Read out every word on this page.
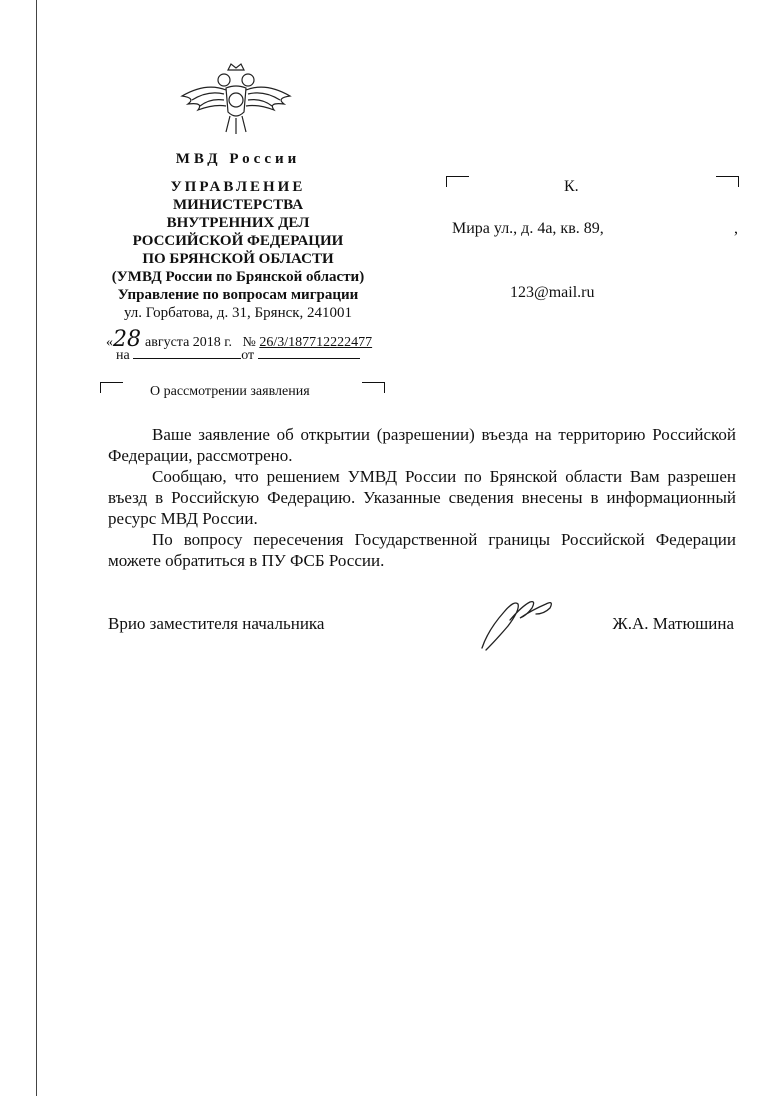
МВД России
УПРАВЛЕНИЕ
МИНИСТЕРСТВА
ВНУТРЕННИХ ДЕЛ
РОССИЙСКОЙ ФЕДЕРАЦИИ
ПО БРЯНСКОЙ ОБЛАСТИ
(УМВД России по Брянской области)
Управление по вопросам миграции
ул. Горбатова, д. 31, Брянск, 241001
«28 августа 2018 г. № 26/3/187712222477
на	от
О рассмотрении заявления
К.
Мира ул., д. 4а, кв. 89,	,
123@mail.ru

Ваше заявление об открытии (разрешении) въезда на территорию Российской Федерации, рассмотрено.

Сообщаю, что решением УМВД России по Брянской области Вам разрешен въезд в Российскую Федерацию. Указанные сведения внесены в информационный ресурс МВД России.

По вопросу пересечения Государственной границы Российской Федерации можете обратиться в ПУ ФСБ России.

Врио заместителя начальника	Ж.А. Матюшина
